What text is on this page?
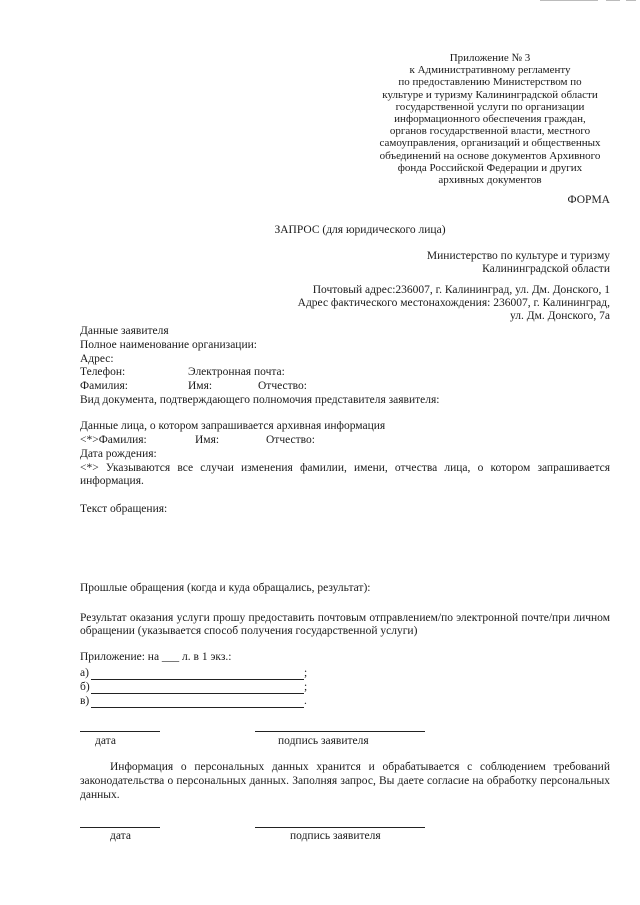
Приложение № 3
к Административному регламенту
по предоставлению Министерством по
культуре и туризму Калининградской области
государственной услуги по организации
информационного обеспечения граждан,
органов государственной власти, местного
самоуправления, организаций и общественных
объединений на основе документов Архивного
фонда Российской Федерации и других
архивных документов
ФОРМА
ЗАПРОС (для юридического лица)
Министерство по культуре и туризму
Калининградской области
Почтовый адрес:236007, г. Калининград, ул. Дм. Донского, 1
Адрес фактического местонахождения: 236007, г. Калининград,
ул. Дм. Донского, 7а
Данные заявителя
Полное наименование организации:
Адрес:
Телефон:	Электронная почта:
Фамилия:	Имя:	Отчество:
Вид документа, подтверждающего полномочия представителя заявителя:
Данные лица, о котором запрашивается архивная информация
<*>Фамилия:	Имя:	Отчество:
Дата рождения:
<*> Указываются все случаи изменения фамилии, имени, отчества лица, о котором запрашивается информация.
Текст обращения:
Прошлые обращения (когда и куда обращались, результат):
Результат оказания услуги прошу предоставить почтовым отправлением/по электронной почте/при личном обращении (указывается способ получения государственной услуги)
Приложение: на ___ л. в 1 экз.:
а)	;
б)	;
в)	.
дата	подпись заявителя
Информация о персональных данных хранится и обрабатывается с соблюдением требований законодательства о персональных данных. Заполняя запрос, Вы даете согласие на обработку персональных данных.
дата	подпись заявителя
